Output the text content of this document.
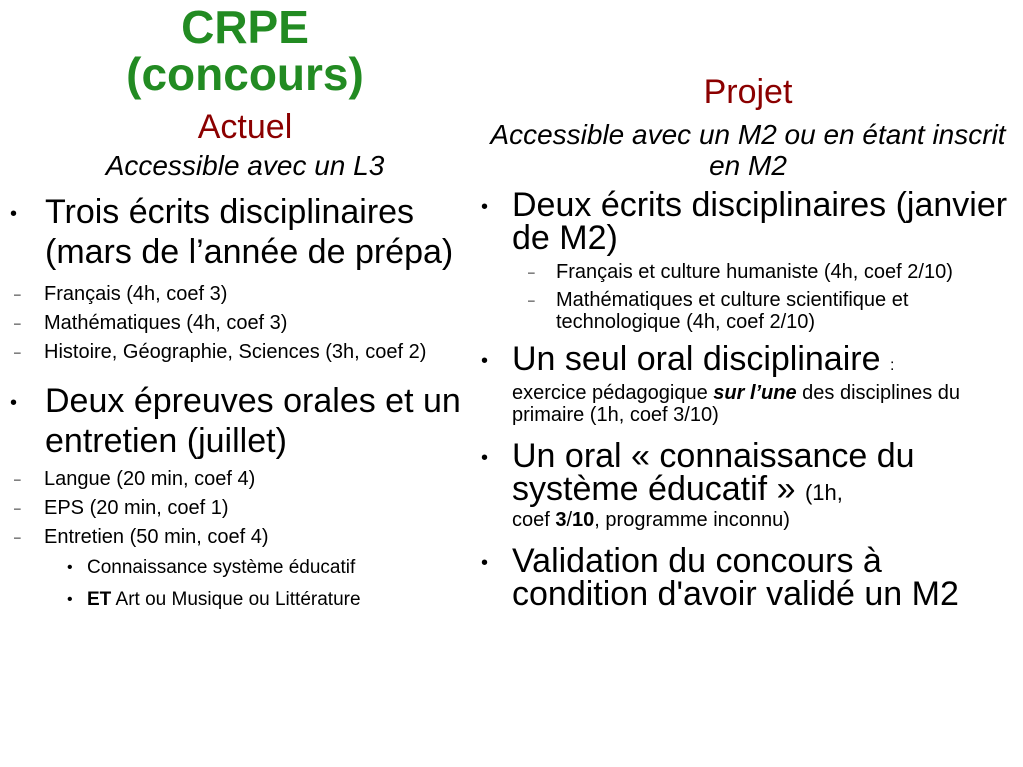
CRPE
(concours)
Actuel
Accessible avec un L3
• Trois écrits disciplinaires (mars de l’année de prépa)
– Français (4h, coef 3)
– Mathématiques (4h, coef 3)
– Histoire, Géographie, Sciences (3h, coef 2)
• Deux épreuves orales et un entretien (juillet)
– Langue (20 min, coef 4)
– EPS (20 min, coef 1)
– Entretien (50 min, coef 4)
• Connaissance système éducatif
• ET Art ou Musique ou Littérature
Projet
Accessible avec un M2 ou en étant inscrit en M2
• Deux écrits disciplinaires (janvier de M2)
– Français et culture humaniste (4h, coef 2/10)
– Mathématiques et culture scientifique et technologique (4h, coef 2/10)
• Un seul oral disciplinaire :
exercice pédagogique sur l’une des disciplines du primaire (1h, coef 3/10)
• Un oral « connaissance du système éducatif » (1h,
coef 3/10, programme inconnu)
• Validation du concours à condition d'avoir validé un M2
